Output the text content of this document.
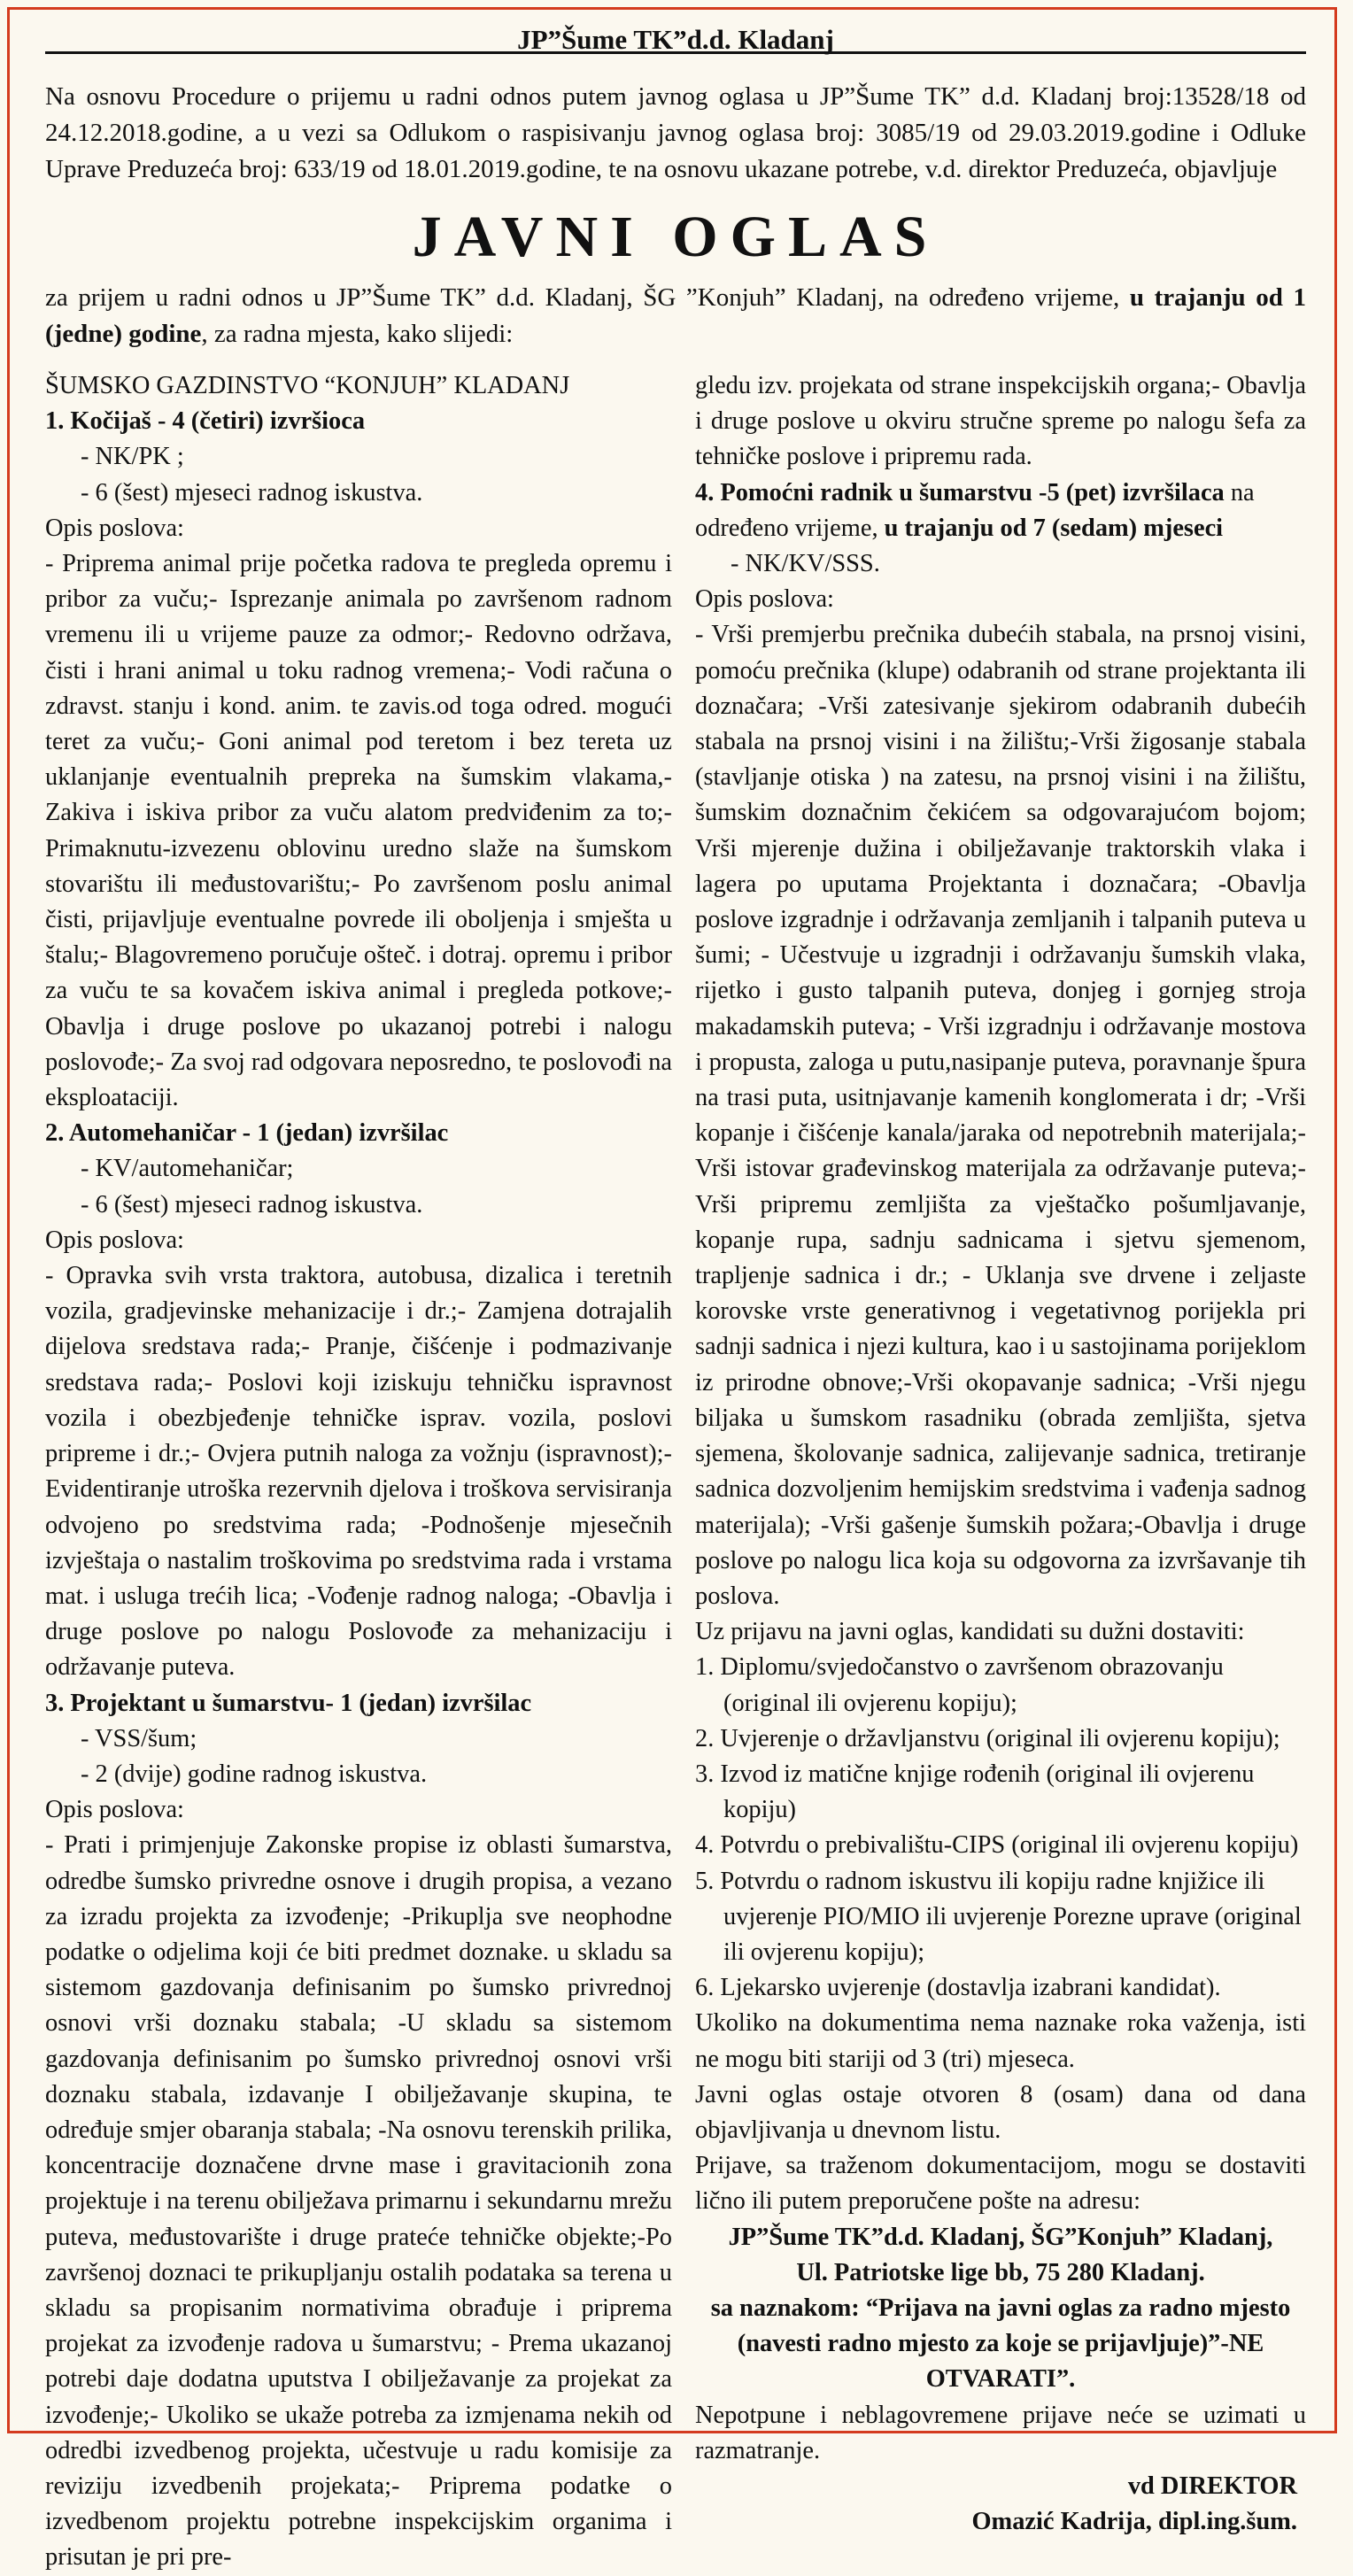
JP”Šume TK”d.d. Kladanj
Na osnovu Procedure o prijemu u radni odnos putem javnog oglasa u JP”Šume TK” d.d. Kladanj broj:13528/18 od 24.12.2018.godine, a u vezi sa Odlukom o raspisivanju javnog oglasa broj: 3085/19 od 29.03.2019.godine i Odluke Uprave Preduzeća broj: 633/19 od 18.01.2019.godine, te na osnovu ukazane potrebe, v.d. direktor Preduzeća, objavljuje
JAVNI OGLAS
za prijem u radni odnos u JP”Šume TK” d.d. Kladanj, ŠG ”Konjuh” Kladanj, na određeno vrijeme, u trajanju od 1 (jedne) godine, za radna mjesta, kako slijedi:
ŠUMSKO GAZDINSTVO “KONJUH” KLADANJ
1. Kočijaš - 4 (četiri) izvršioca
- NK/PK ;
- 6 (šest) mjeseci radnog iskustva.
Opis poslova:
- Priprema animal prije početka radova te pregleda opremu i pribor za vuču;- Isprezanje animala po završenom radnom vremenu ili u vrijeme pauze za odmor;- Redovno održava, čisti i hrani animal u toku radnog vremena;- Vodi računa o zdravst. stanju i kond. anim. te zavis.od toga odred. mogući teret za vuču;- Goni animal pod teretom i bez tereta uz uklanjanje eventualnih prepreka na šumskim vlakama,- Zakiva i iskiva pribor za vuču alatom predviđenim za to;- Primaknutu-izvezenu oblovinu uredno slaže na šumskom stovarištu ili međustovarištu;- Po završenom poslu animal čisti, prijavljuje eventualne povrede ili oboljenja i smješta u štalu;- Blagovremeno poručuje ošteč. i dotraj. opremu i pribor za vuču te sa kovačem iskiva animal i pregleda potkove;- Obavlja i druge poslove po ukazanoj potrebi i nalogu poslovođe;- Za svoj rad odgovara neposredno, te poslovođi na eksploataciji.
2. Automehaničar - 1 (jedan) izvršilac
- KV/automehaničar;
- 6 (šest) mjeseci radnog iskustva.
Opis poslova:
- Opravka svih vrsta traktora, autobusa, dizalica i teretnih vozila, gradjevinske mehanizacije i dr.;- Zamjena dotrajalih dijelova sredstava rada;- Pranje, čišćenje i podmazivanje sredstava rada;- Poslovi koji iziskuju tehničku ispravnost vozila i obezbjeđenje tehničke isprav. vozila, poslovi pripreme i dr.;- Ovjera putnih naloga za vožnju (ispravnost);- Evidentiranje utroška rezervnih djelova i troškova servisiranja odvojeno po sredstvima rada; -Podnošenje mjesečnih izvještaja o nastalim troškovima po sredstvima rada i vrstama mat. i usluga trećih lica; -Vođenje radnog naloga; -Obavlja i druge poslove po nalogu Poslovođe za mehanizaciju i održavanje puteva.
3. Projektant u šumarstvu- 1 (jedan) izvršilac
- VSS/šum;
- 2 (dvije) godine radnog iskustva.
Opis poslova:
- Prati i primjenjuje Zakonske propise iz oblasti šumarstva, odredbe šumsko privredne osnove i drugih propisa, a vezano za izradu projekta za izvođenje; -Prikuplja sve neophodne podatke o odjelima koji će biti predmet doznake. u skladu sa sistemom gazdovanja definisanim po šumsko privrednoj osnovi vrši doznaku stabala; -U skladu sa sistemom gazdovanja definisanim po šumsko privrednoj osnovi vrši doznaku stabala, izdavanje I obilježavanje skupina, te određuje smjer obaranja stabala; -Na osnovu terenskih prilika, koncentracije doznačene drvne mase i gravitacionih zona projektuje i na terenu obilježava primarnu i sekundarnu mrežu puteva, međustovarište i druge prateće tehničke objekte;-Po završenoj doznaci te prikupljanju ostalih podataka sa terena u skladu sa propisanim normativima obrađuje i priprema projekat za izvođenje radova u šumarstvu; - Prema ukazanoj potrebi daje dodatna uputstva I obilježavanje za projekat za izvođenje;- Ukoliko se ukaže potreba za izmjenama nekih od odredbi izvedbenog projekta, učestvuje u radu komisije za reviziju izvedbenih projekata;- Priprema podatke o izvedbenom projektu potrebne inspekcijskim organima i prisutan je pri pre-
gledu izv. projekata od strane inspekcijskih organa;- Obavlja i druge poslove u okviru stručne spreme po nalogu šefa za tehničke poslove i pripremu rada.
4. Pomoćni radnik u šumarstvu -5 (pet) izvršilaca na određeno vrijeme, u trajanju od 7 (sedam) mjeseci
- NK/KV/SSS.
Opis poslova:
- Vrši premjerbu prečnika dubećih stabala, na prsnoj visini, pomoću prečnika (klupe) odabranih od strane projektanta ili doznačara; -Vrši zatesivanje sjekirom odabranih dubećih stabala na prsnoj visini i na žilištu;-Vrši žigosanje stabala (stavljanje otiska ) na zatesu, na prsnoj visini i na žilištu, šumskim doznačnim čekićem sa odgovarajućom bojom; Vrši mjerenje dužina i obilježavanje traktorskih vlaka i lagera po uputama Projektanta i doznačara; -Obavlja poslove izgradnje i održavanja zemljanih i talpanih puteva u šumi; - Učestvuje u izgradnji i održavanju šumskih vlaka, rijetko i gusto talpanih puteva, donjeg i gornjeg stroja makadamskih puteva; - Vrši izgradnju i održavanje mostova i propusta, zaloga u putu,nasipanje puteva, poravnanje špura na trasi puta, usitnjavanje kamenih konglomerata i dr; -Vrši kopanje i čišćenje kanala/jaraka od nepotrebnih materijala;- Vrši istovar građevinskog materijala za održavanje puteva;-Vrši pripremu zemljišta za vještačko pošumljavanje, kopanje rupa, sadnju sadnicama i sjetvu sjemenom, trapljenje sadnica i dr.; - Uklanja sve drvene i zeljaste korovske vrste generativnog i vegetativnog porijekla pri sadnji sadnica i njezi kultura, kao i u sastojinama porijeklom iz prirodne obnove;-Vrši okopavanje sadnica; -Vrši njegu biljaka u šumskom rasadniku (obrada zemljišta, sjetva sjemena, školovanje sadnica, zalijevanje sadnica, tretiranje sadnica dozvoljenim hemijskim sredstvima i vađenja sadnog materijala); -Vrši gašenje šumskih požara;-Obavlja i druge poslove po nalogu lica koja su odgovorna za izvršavanje tih poslova.
Uz prijavu na javni oglas, kandidati su dužni dostaviti:
1. Diplomu/svjedočanstvo o završenom obrazovanju (original ili ovjerenu kopiju);
2. Uvjerenje o državljanstvu (original ili ovjerenu kopiju);
3. Izvod iz matične knjige rođenih (original ili ovjerenu kopiju)
4. Potvrdu o prebivalištu-CIPS (original ili ovjerenu kopiju)
5. Potvrdu o radnom iskustvu ili kopiju radne knjižice ili uvjerenje PIO/MIO ili uvjerenje Porezne uprave (original ili ovjerenu kopiju);
6. Ljekarsko uvjerenje (dostavlja izabrani kandidat).
Ukoliko na dokumentima nema naznake roka važenja, isti ne mogu biti stariji od 3 (tri) mjeseca.
Javni oglas ostaje otvoren 8 (osam) dana od dana objavljivanja u dnevnom listu.
Prijave, sa traženom dokumentacijom, mogu se dostaviti lično ili putem preporučene pošte na adresu:
JP”Šume TK”d.d. Kladanj, ŠG”Konjuh” Kladanj,
Ul. Patriotske lige bb, 75 280 Kladanj.
sa naznakom: “Prijava na javni oglas za radno mjesto (navesti radno mjesto za koje se prijavljuje)”-NE OTVARATI”.
Nepotpune i neblagovremene prijave neće se uzimati u razmatranje.
vd DIREKTOR
Omazić Kadrija, dipl.ing.šum.
